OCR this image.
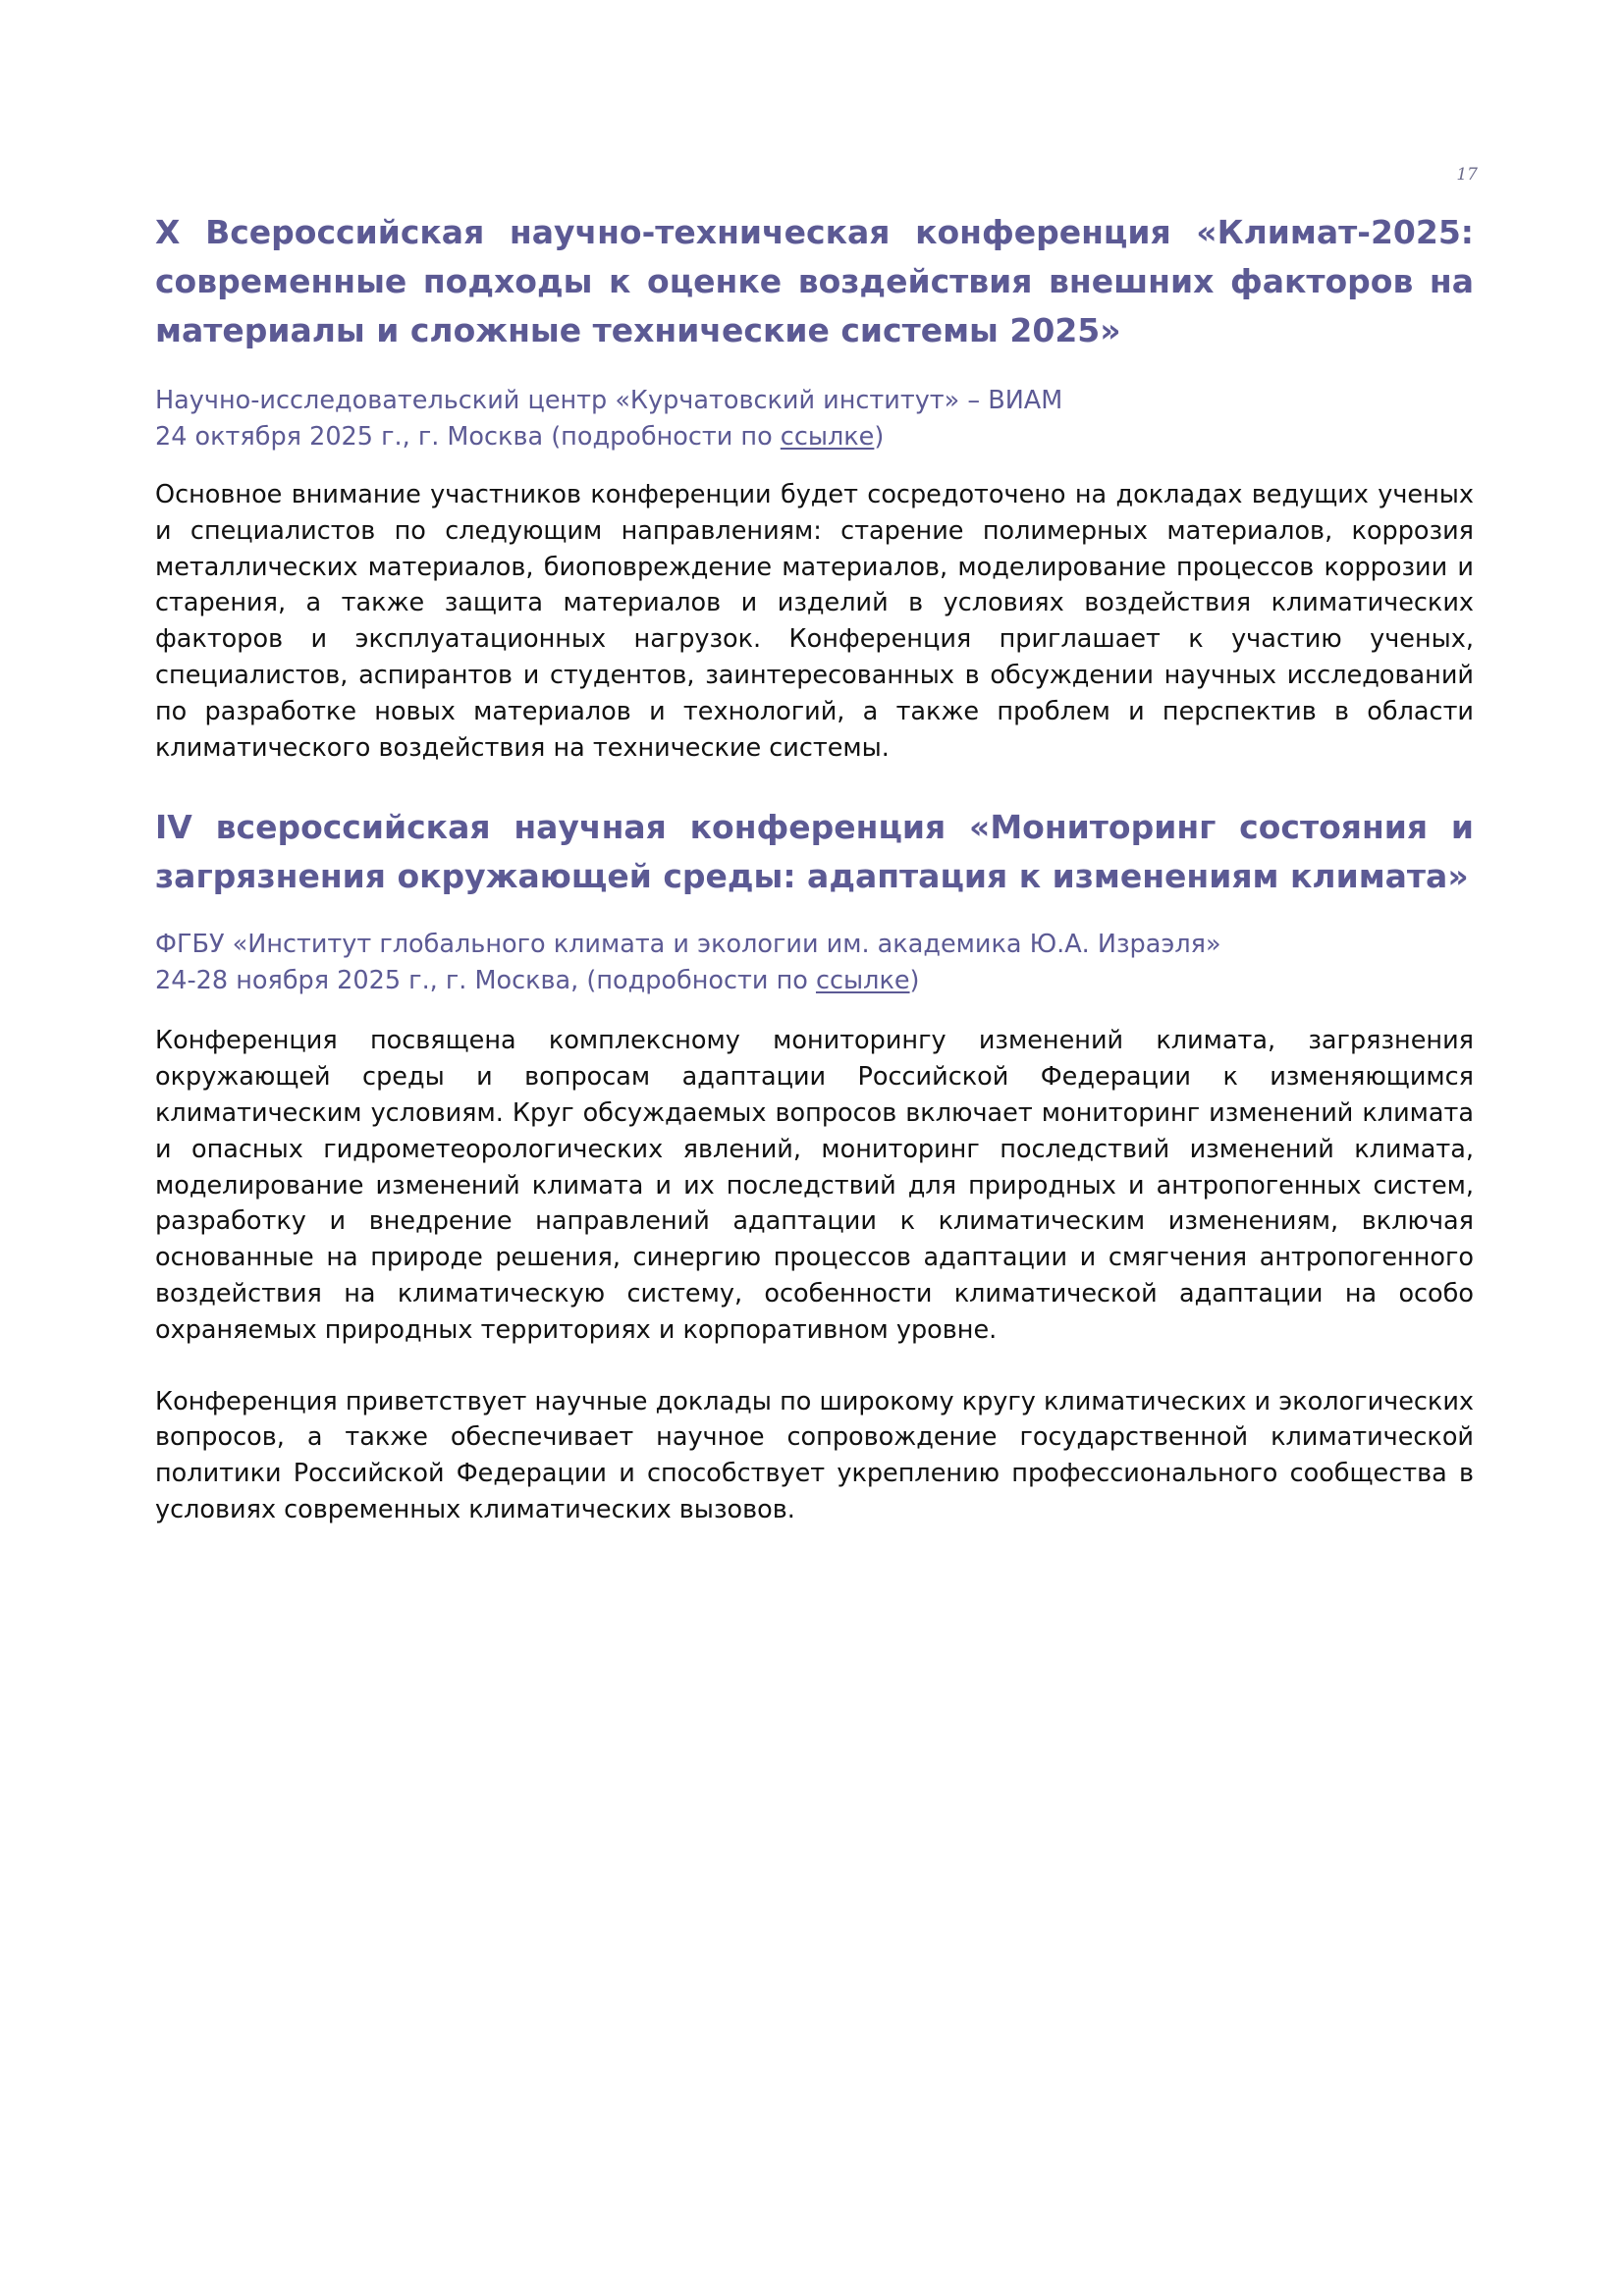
17
X Всероссийская научно-техническая конференция «Климат-2025: современные подходы к оценке воздействия внешних факторов на материалы и сложные технические системы 2025»

Научно-исследовательский центр «Курчатовский институт» – ВИАМ

24 октября 2025 г., г. Москва (подробности по ссылке)

Основное внимание участников конференции будет сосредоточено на докладах ведущих ученых и специалистов по следующим направлениям: старение полимерных материалов, коррозия металлических материалов, биоповреждение материалов, моделирование процессов коррозии и старения, а также защита материалов и изделий в условиях воздействия климатических факторов и эксплуатационных нагрузок. Конференция приглашает к участию ученых, специалистов, аспирантов и студентов, заинтересованных в обсуждении научных исследований по разработке новых материалов и технологий, а также проблем и перспектив в области климатического воздействия на технические системы.

IV всероссийская научная конференция «Мониторинг состояния и загрязнения окружающей среды: адаптация к изменениям климата»

ФГБУ «Институт глобального климата и экологии им. академика Ю.А. Израэля»

24-28 ноября 2025 г., г. Москва, (подробности по ссылке)

Конференция посвящена комплексному мониторингу изменений климата, загрязнения окружающей среды и вопросам адаптации Российской Федерации к изменяющимся климатическим условиям. Круг обсуждаемых вопросов включает мониторинг изменений климата и опасных гидрометеорологических явлений, мониторинг последствий изменений климата, моделирование изменений климата и их последствий для природных и антропогенных систем, разработку и внедрение направлений адаптации к климатическим изменениям, включая основанные на природе решения, синергию процессов адаптации и смягчения антропогенного воздействия на климатическую систему, особенности климатической адаптации на особо охраняемых природных территориях и корпоративном уровне.

Конференция приветствует научные доклады по широкому кругу климатических и экологических вопросов, а также обеспечивает научное сопровождение государственной климатической политики Российской Федерации и способствует укреплению профессионального сообщества в условиях современных климатических вызовов.
